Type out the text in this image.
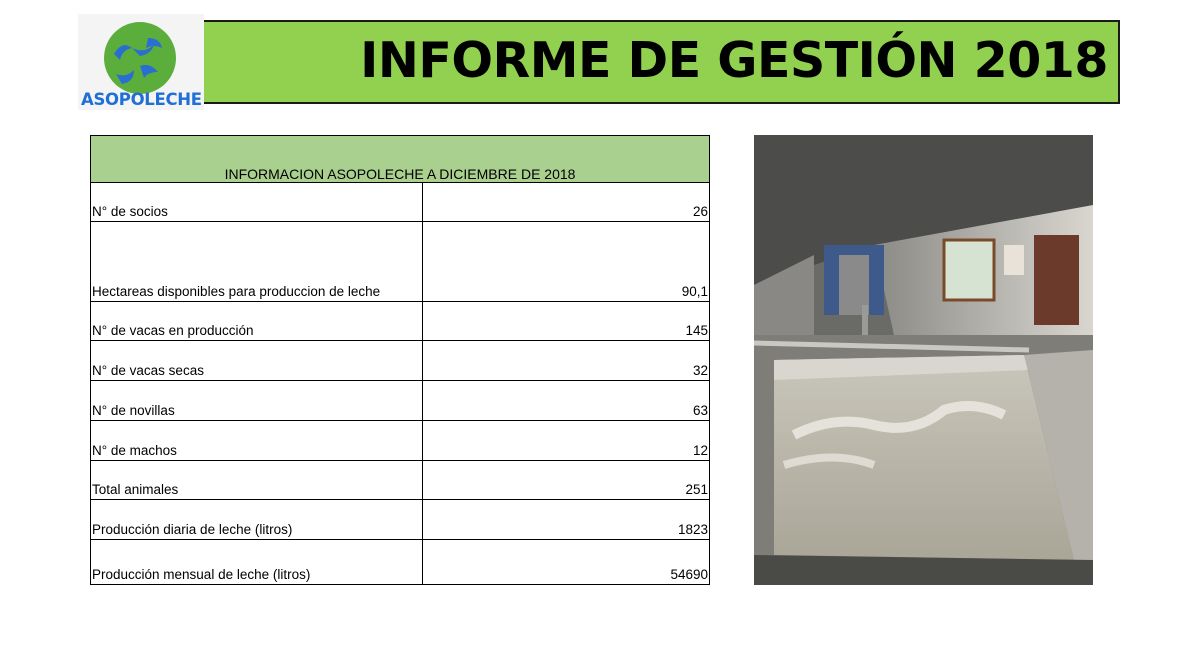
ASOPOLECHE
INFORME DE GESTIÓN 2018
INFORMACION ASOPOLECHE A DICIEMBRE DE 2018	
N° de socios	26
Hectareas disponibles para produccion de leche	90,1
N° de vacas en producción	145
N° de vacas secas	32
N° de novillas	63
N° de machos	12
Total animales	251
Producción diaria de leche (litros)	1823
Producción mensual de leche (litros)	54690
